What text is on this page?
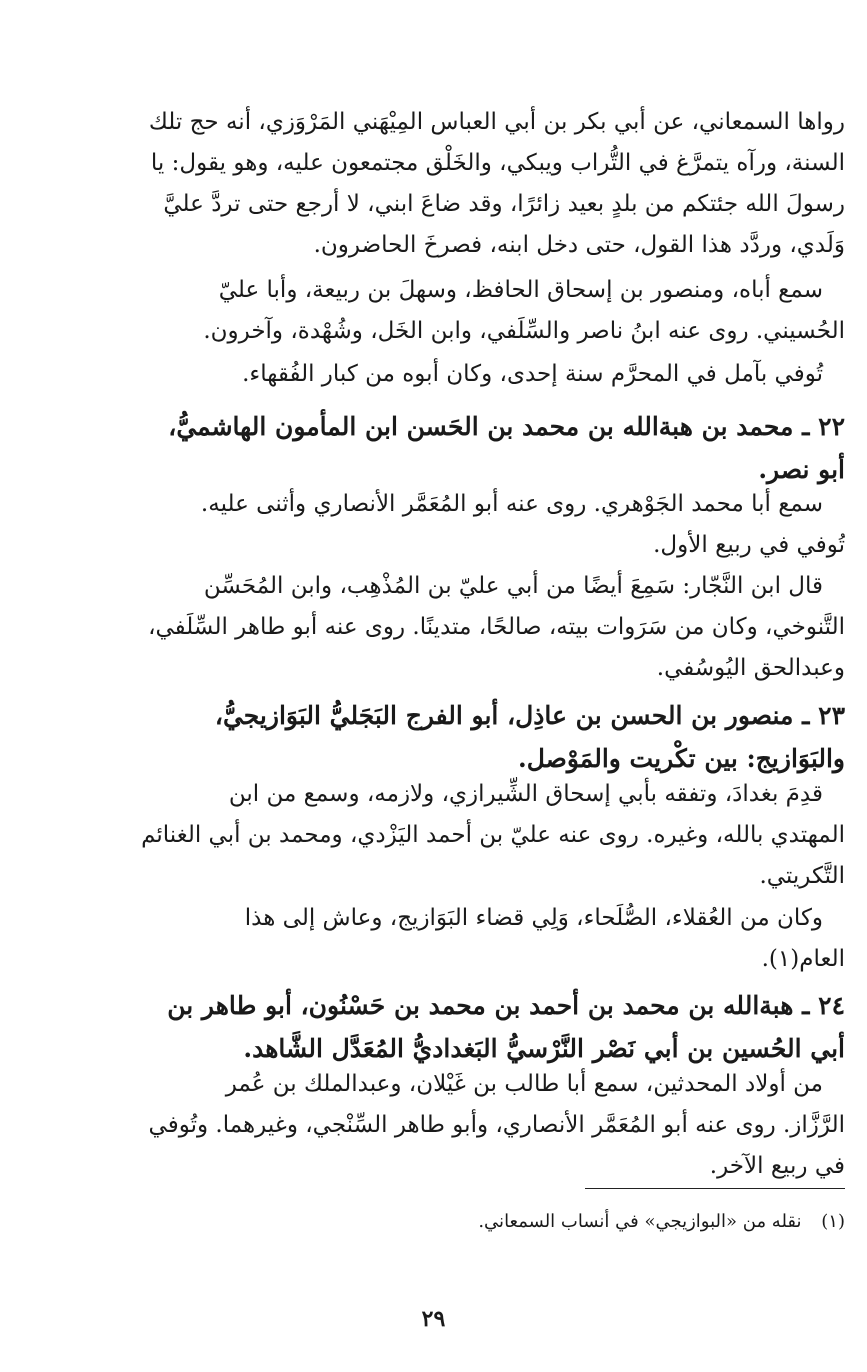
رواها السمعاني، عن أبي بكر بن أبي العباس المِيْهَني المَرْوَزي، أنه حج تلك
السنة، ورآه يتمرَّغ في التُّراب ويبكي، والخَلْق مجتمعون عليه، وهو يقول: يا
رسولَ الله جئتكم من بلدٍ بعيد زائرًا، وقد ضاعَ ابني، لا أرجع حتى تردَّ عليَّ
وَلَدي، وردَّد هذا القول، حتى دخل ابنه، فصرخَ الحاضرون.
سمع أباه، ومنصور بن إسحاق الحافظ، وسهلَ بن ربيعة، وأبا عليّ
الحُسيني. روى عنه ابنُ ناصر والسِّلَفي، وابن الخَل، وشُهْدة، وآخرون.
تُوفي بآمل في المحرَّم سنة إحدى، وكان أبوه من كبار الفُقهاء.
٢٢ ـ محمد بن هبةالله بن محمد بن الحَسن ابن المأمون الهاشميُّ،
أبو نصر.
سمع أبا محمد الجَوْهري. روى عنه أبو المُعَمَّر الأنصاري وأثنى عليه.
تُوفي في ربيع الأول.
قال ابن النَّجّار: سَمِعَ أيضًا من أبي عليّ بن المُذْهِب، وابن المُحَسِّن
التَّنوخي، وكان من سَرَوات بيته، صالحًا، متدينًا. روى عنه أبو طاهر السِّلَفي،
وعبدالحق اليُوسُفي.
٢٣ ـ منصور بن الحسن بن عاذِل، أبو الفرج البَجَليُّ البَوَازيجيُّ،
والبَوَازيج: بين تكْريت والمَوْصل.
قدِمَ بغدادَ، وتفقه بأبي إسحاق الشِّيرازي، ولازمه، وسمع من ابن
المهتدي بالله، وغيره. روى عنه عليّ بن أحمد اليَزْدي، ومحمد بن أبي الغنائم
التَّكريتي.
وكان من العُقلاء، الصُّلَحاء، وَلِي قضاء البَوَازيج، وعاش إلى هذا
العام(١).
٢٤ ـ هبةالله بن محمد بن أحمد بن محمد بن حَسْنُون، أبو طاهر بن
أبي الحُسين بن أبي نَصْر النَّرْسيُّ البَغداديُّ المُعَدَّل الشَّاهد.
من أولاد المحدثين، سمع أبا طالب بن غَيْلان، وعبدالملك بن عُمر
الرَّزَّاز. روى عنه أبو المُعَمَّر الأنصاري، وأبو طاهر السِّنْجي، وغيرهما. وتُوفي
في ربيع الآخر.
(١) نقله من «البوازيجي» في أنساب السمعاني.
٢٩
